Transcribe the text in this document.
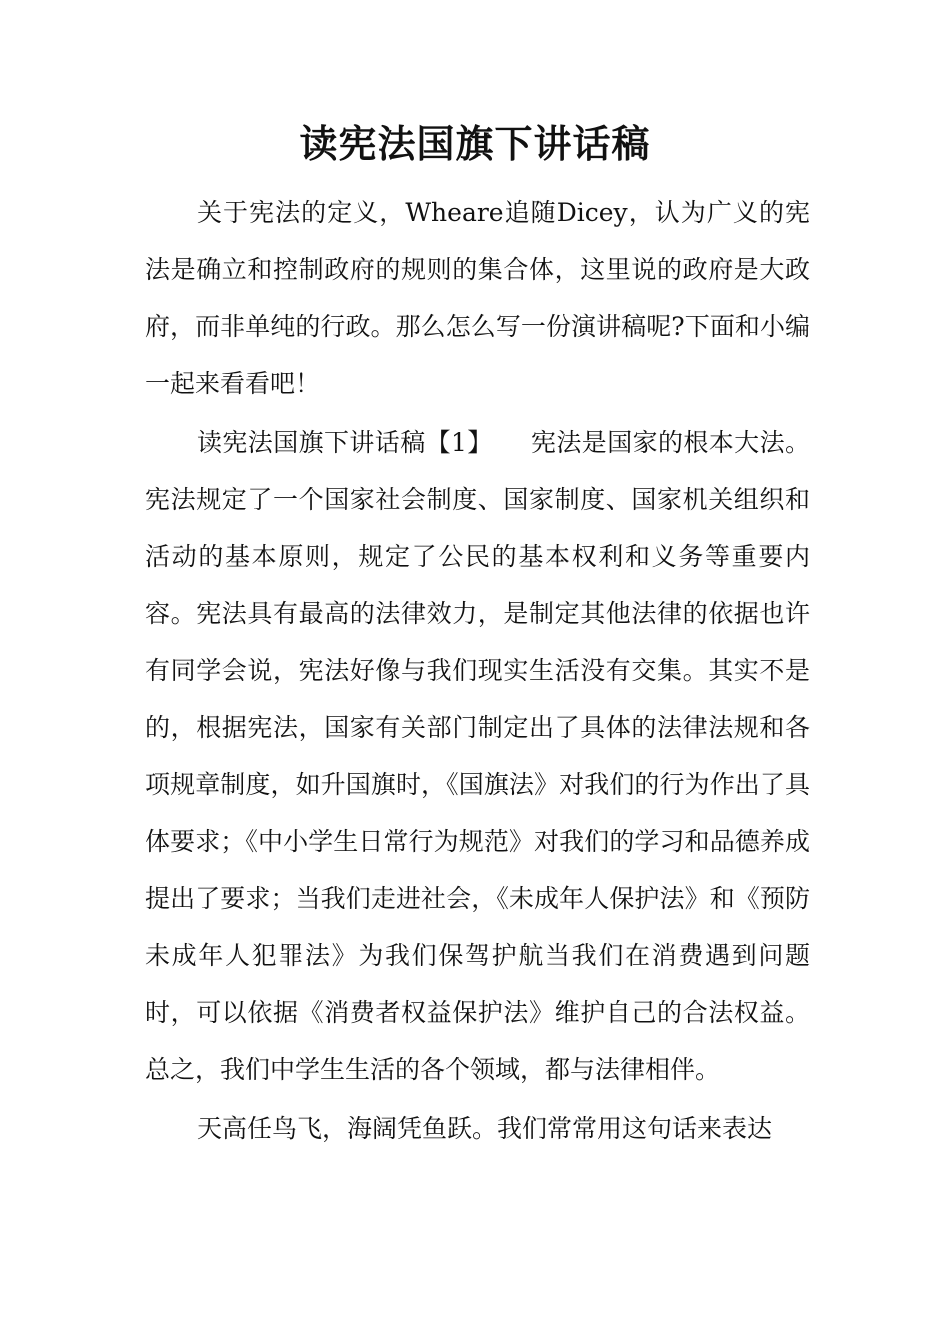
读宪法国旗下讲话稿

关于宪法的定义，Wheare追随Dicey，认为广义的宪法是确立和控制政府的规则的集合体，这里说的政府是大政府，而非单纯的行政。那么怎么写一份演讲稿呢?下面和小编一起来看看吧！

读宪法国旗下讲话稿【1】　　宪法是国家的根本大法。宪法规定了一个国家社会制度、国家制度、国家机关组织和活动的基本原则，规定了公民的基本权利和义务等重要内容。宪法具有最高的法律效力，是制定其他法律的依据也许有同学会说，宪法好像与我们现实生活没有交集。其实不是的，根据宪法，国家有关部门制定出了具体的法律法规和各项规章制度，如升国旗时，《国旗法》对我们的行为作出了具体要求；《中小学生日常行为规范》对我们的学习和品德养成提出了要求；当我们走进社会，《未成年人保护法》和《预防未成年人犯罪法》为我们保驾护航当我们在消费遇到问题时，可以依据《消费者权益保护法》维护自己的合法权益。总之，我们中学生生活的各个领域，都与法律相伴。

天高任鸟飞，海阔凭鱼跃。我们常常用这句话来表达
